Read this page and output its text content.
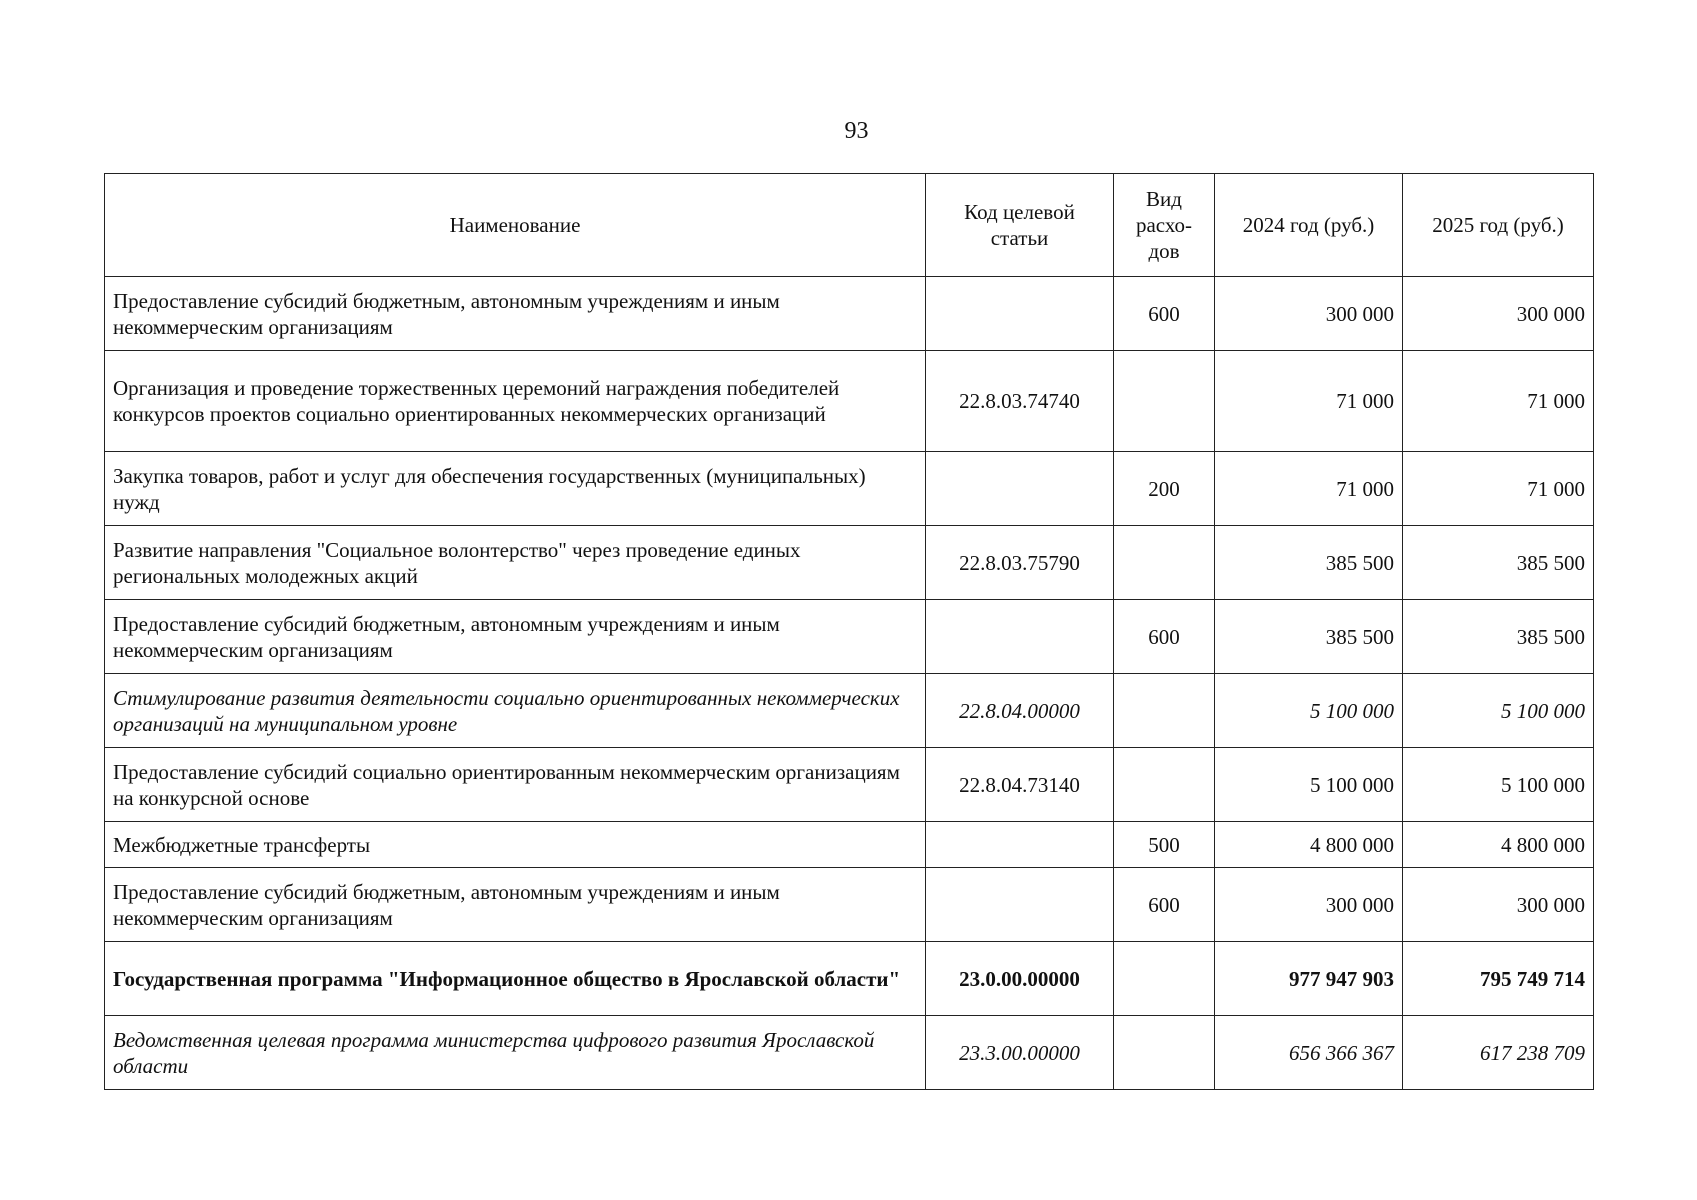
93
Наименование	Код целевой статьи	Вид расхо-дов	2024 год (руб.)	2025 год (руб.)
Предоставление субсидий бюджетным, автономным учреждениям и иным некоммерческим организациям		600	300 000	300 000
Организация и проведение торжественных церемоний награждения победителей конкурсов проектов социально ориентированных некоммерческих организаций	22.8.03.74740		71 000	71 000
Закупка товаров, работ и услуг для обеспечения государственных (муниципальных) нужд		200	71 000	71 000
Развитие направления "Социальное волонтерство" через проведение единых региональных молодежных акций	22.8.03.75790		385 500	385 500
Предоставление субсидий бюджетным, автономным учреждениям и иным некоммерческим организациям		600	385 500	385 500
Стимулирование развития деятельности социально ориентированных некоммерческих организаций на муниципальном уровне	22.8.04.00000		5 100 000	5 100 000
Предоставление субсидий социально ориентированным некоммерческим организациям на конкурсной основе	22.8.04.73140		5 100 000	5 100 000
Межбюджетные трансферты		500	4 800 000	4 800 000
Предоставление субсидий бюджетным, автономным учреждениям и иным некоммерческим организациям		600	300 000	300 000
Государственная программа "Информационное общество в Ярославской области"	23.0.00.00000		977 947 903	795 749 714
Ведомственная целевая программа министерства цифрового развития Ярославской области	23.3.00.00000		656 366 367	617 238 709
